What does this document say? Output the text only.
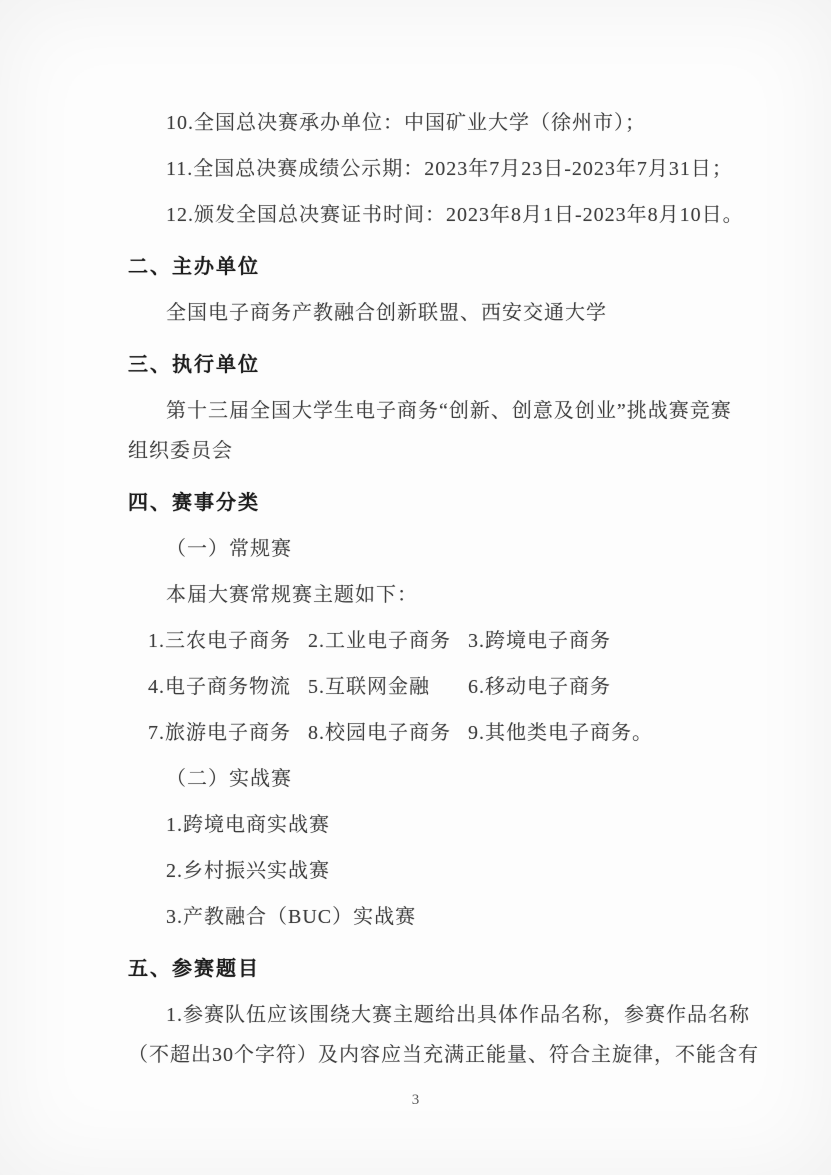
10.全国总决赛承办单位：中国矿业大学（徐州市）；
11.全国总决赛成绩公示期：2023年7月23日-2023年7月31日；
12.颁发全国总决赛证书时间：2023年8月1日-2023年8月10日。
二、主办单位
全国电子商务产教融合创新联盟、西安交通大学
三、执行单位
第十三届全国大学生电子商务“创新、创意及创业”挑战赛竞赛
组织委员会
四、赛事分类
（一）常规赛
本届大赛常规赛主题如下：
1.三农电子商务 2.工业电子商务 3.跨境电子商务
4.电子商务物流 5.互联网金融 6.移动电子商务
7.旅游电子商务 8.校园电子商务 9.其他类电子商务。
（二）实战赛
1.跨境电商实战赛
2.乡村振兴实战赛
3.产教融合（BUC）实战赛
五、参赛题目
1.参赛队伍应该围绕大赛主题给出具体作品名称，参赛作品名称
（不超出30个字符）及内容应当充满正能量、符合主旋律，不能含有
3
